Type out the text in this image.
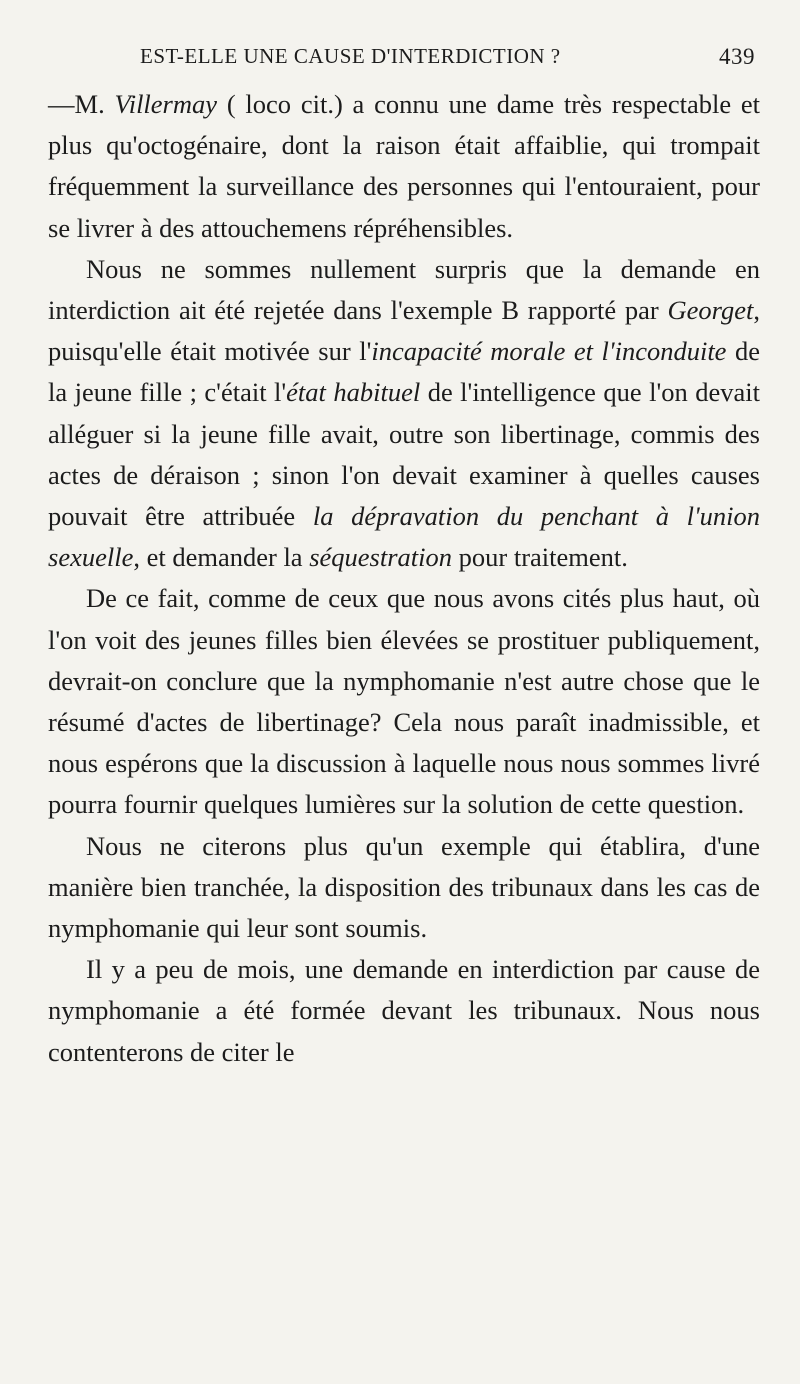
EST-ELLE UNE CAUSE D'INTERDICTION ?	439

—M. Villermay ( loco cit.) a connu une dame très respectable et plus qu'octogénaire, dont la raison était affaiblie, qui trompait fréquemment la surveillance des personnes qui l'entouraient, pour se livrer à des attouchemens répréhensibles.

Nous ne sommes nullement surpris que la demande en interdiction ait été rejetée dans l'exemple B rapporté par Georget, puisqu'elle était motivée sur l'incapacité morale et l'inconduite de la jeune fille ; c'était l'état habituel de l'intelligence que l'on devait alléguer si la jeune fille avait, outre son libertinage, commis des actes de déraison ; sinon l'on devait examiner à quelles causes pouvait être attribuée la dépravation du penchant à l'union sexuelle, et demander la séquestration pour traitement.

De ce fait, comme de ceux que nous avons cités plus haut, où l'on voit des jeunes filles bien élevées se prostituer publiquement, devrait-on conclure que la nymphomanie n'est autre chose que le résumé d'actes de libertinage? Cela nous paraît inadmissible, et nous espérons que la discussion à laquelle nous nous sommes livré pourra fournir quelques lumières sur la solution de cette question.

Nous ne citerons plus qu'un exemple qui établira, d'une manière bien tranchée, la disposition des tribunaux dans les cas de nymphomanie qui leur sont soumis.

Il y a peu de mois, une demande en interdiction par cause de nymphomanie a été formée devant les tribunaux. Nous nous contenterons de citer le
